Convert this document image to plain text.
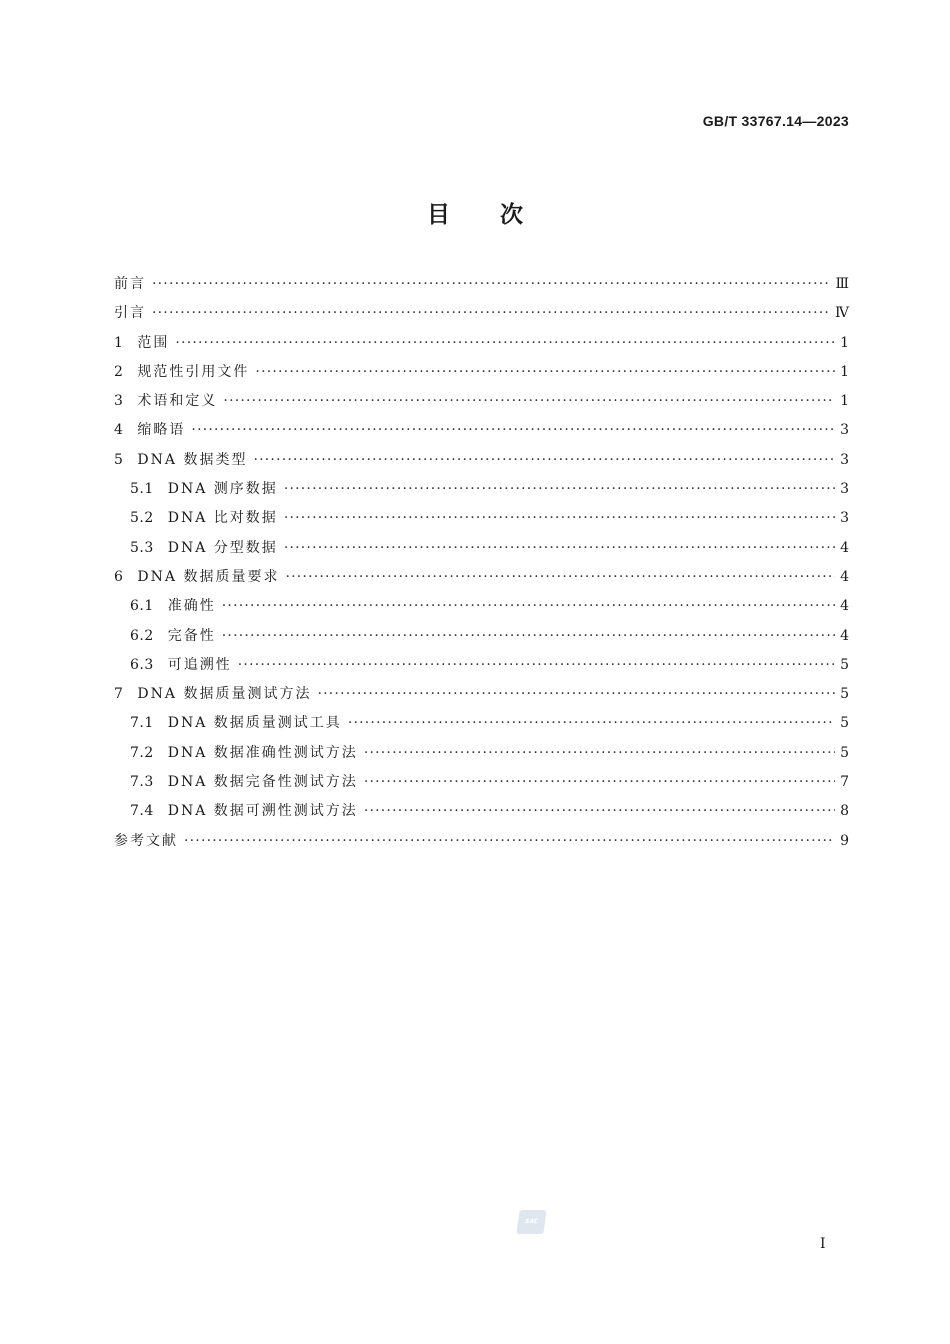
GB/T 33767.14—2023
目次
前言 ·····	Ⅲ
引言 ·····	Ⅳ
1 范围 ·····	1
2 规范性引用文件 ·····	1
3 术语和定义 ·····	1
4 缩略语 ·····	3
5 DNA 数据类型 ·····	3
5.1 DNA 测序数据 ·····	3
5.2 DNA 比对数据 ·····	3
5.3 DNA 分型数据 ·····	4
6 DNA 数据质量要求 ·····	4
6.1 准确性 ·····	4
6.2 完备性 ·····	4
6.3 可追溯性 ·····	5
7 DNA 数据质量测试方法 ·····	5
7.1 DNA 数据质量测试工具 ·····	5
7.2 DNA 数据准确性测试方法 ·····	5
7.3 DNA 数据完备性测试方法 ·····	7
7.4 DNA 数据可溯性测试方法 ·····	8
参考文献 ·····	9
SAC
I
